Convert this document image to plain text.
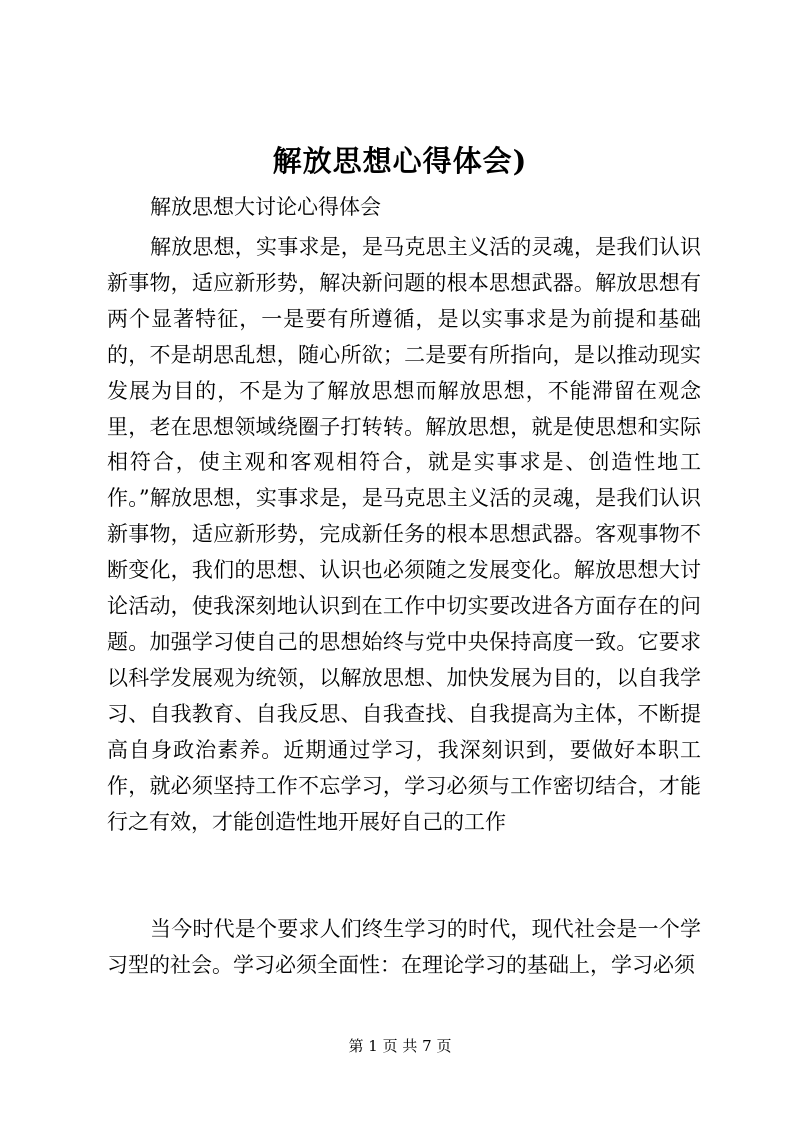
解放思想心得体会)
解放思想大讨论心得体会
解放思想，实事求是，是马克思主义活的灵魂，是我们认识新事物，适应新形势，解决新问题的根本思想武器。解放思想有两个显著特征，一是要有所遵循，是以实事求是为前提和基础的，不是胡思乱想，随心所欲；二是要有所指向，是以推动现实发展为目的，不是为了解放思想而解放思想，不能滞留在观念里，老在思想领域绕圈子打转转。解放思想，就是使思想和实际相符合，使主观和客观相符合，就是实事求是、创造性地工作。”解放思想，实事求是，是马克思主义活的灵魂，是我们认识新事物，适应新形势，完成新任务的根本思想武器。客观事物不断变化，我们的思想、认识也必须随之发展变化。解放思想大讨论活动，使我深刻地认识到在工作中切实要改进各方面存在的问题。加强学习使自己的思想始终与党中央保持高度一致。它要求以科学发展观为统领，以解放思想、加快发展为目的，以自我学习、自我教育、自我反思、自我查找、自我提高为主体，不断提高自身政治素养。近期通过学习，我深刻识到，要做好本职工作，就必须坚持工作不忘学习，学习必须与工作密切结合，才能行之有效，才能创造性地开展好自己的工作
当今时代是个要求人们终生学习的时代，现代社会是一个学习型的社会。学习必须全面性：在理论学习的基础上，学习必须
第 1 页 共 7 页
